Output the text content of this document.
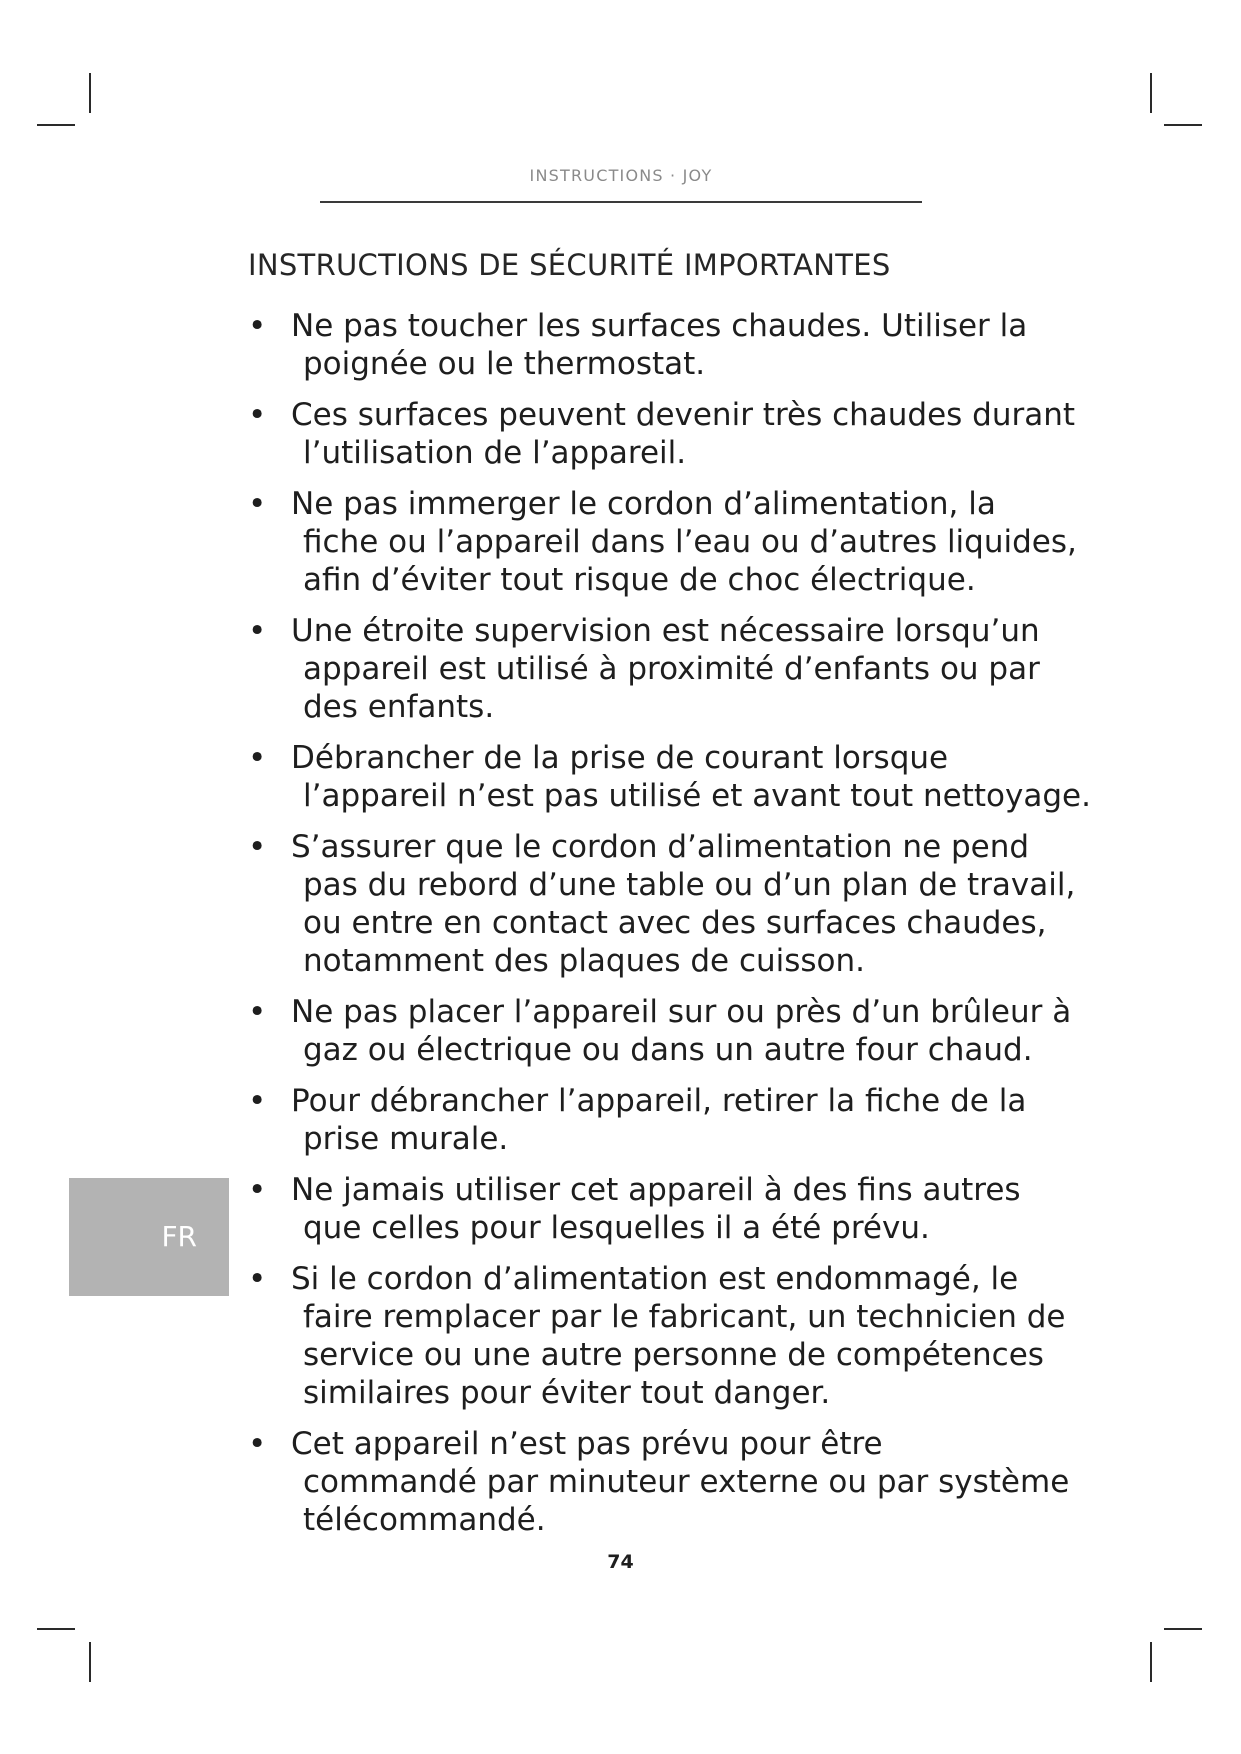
INSTRUCTIONS · JOY
INSTRUCTIONS DE SÉCURITÉ IMPORTANTES
• Ne pas toucher les surfaces chaudes. Utiliser la
poignée ou le thermostat.
• Ces surfaces peuvent devenir très chaudes durant
l’utilisation de l’appareil.
• Ne pas immerger le cordon d’alimentation, la
fiche ou l’appareil dans l’eau ou d’autres liquides,
afin d’éviter tout risque de choc électrique.
• Une étroite supervision est nécessaire lorsqu’un
appareil est utilisé à proximité d’enfants ou par
des enfants.
• Débrancher de la prise de courant lorsque
l’appareil n’est pas utilisé et avant tout nettoyage.
• S’assurer que le cordon d’alimentation ne pend
pas du rebord d’une table ou d’un plan de travail,
ou entre en contact avec des surfaces chaudes,
notamment des plaques de cuisson.
• Ne pas placer l’appareil sur ou près d’un brûleur à
gaz ou électrique ou dans un autre four chaud.
• Pour débrancher l’appareil, retirer la fiche de la
prise murale.
• Ne jamais utiliser cet appareil à des fins autres
que celles pour lesquelles il a été prévu.
• Si le cordon d’alimentation est endommagé, le
faire remplacer par le fabricant, un technicien de
service ou une autre personne de compétences
similaires pour éviter tout danger.
• Cet appareil n’est pas prévu pour être
commandé par minuteur externe ou par système
télécommandé.
FR
74
